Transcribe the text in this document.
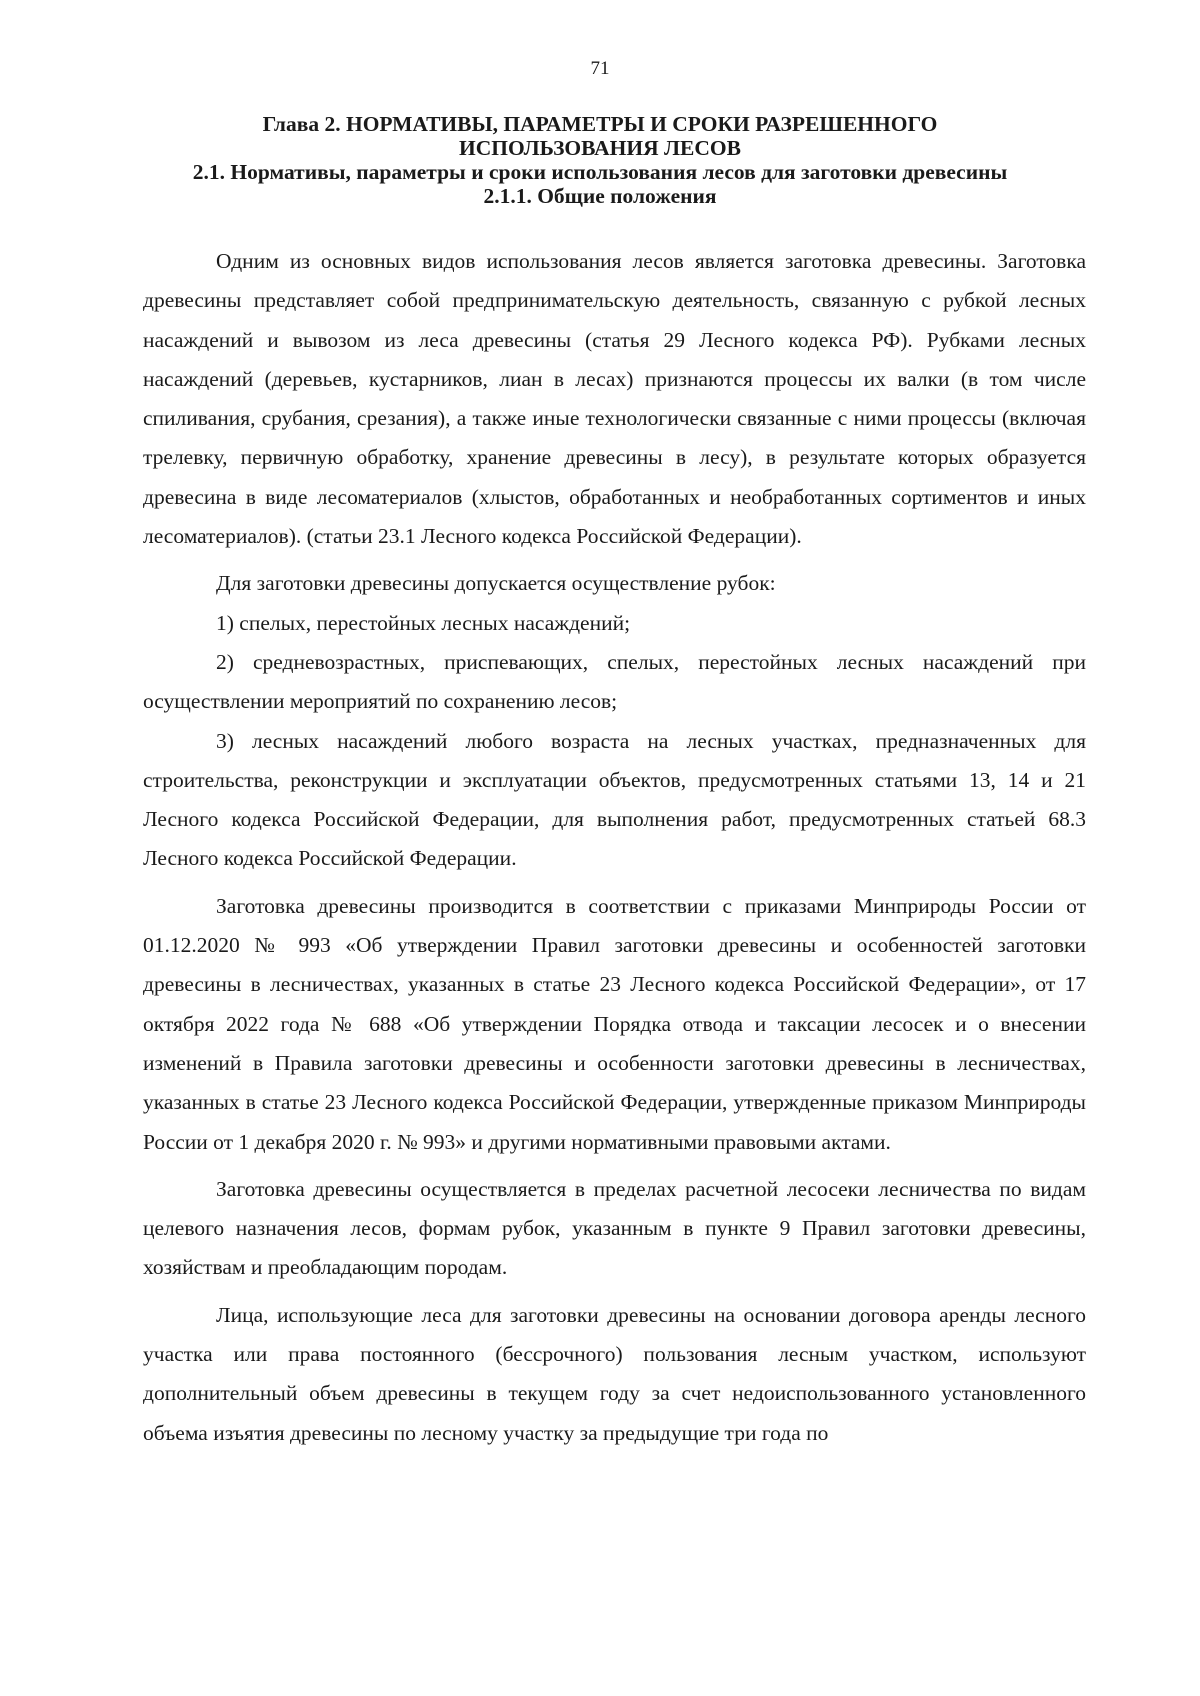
71
Глава 2. НОРМАТИВЫ, ПАРАМЕТРЫ И СРОКИ РАЗРЕШЕННОГО
ИСПОЛЬЗОВАНИЯ ЛЕСОВ
2.1. Нормативы, параметры и сроки использования лесов для заготовки древесины
2.1.1. Общие положения

Одним из основных видов использования лесов является заготовка древесины. Заготовка древесины представляет собой предпринимательскую деятельность, связанную с рубкой лесных насаждений и вывозом из леса древесины (статья 29 Лесного кодекса РФ). Рубками лесных насаждений (деревьев, кустарников, лиан в лесах) признаются процессы их валки (в том числе спиливания, срубания, срезания), а также иные технологически связанные с ними процессы (включая трелевку, первичную обработку, хранение древесины в лесу), в результате которых образуется древесина в виде лесоматериалов (хлыстов, обработанных и необработанных сортиментов и иных лесоматериалов). (статьи 23.1 Лесного кодекса Российской Федерации).

Для заготовки древесины допускается осуществление рубок:

1) спелых, перестойных лесных насаждений;

2) средневозрастных, приспевающих, спелых, перестойных лесных насаждений при осуществлении мероприятий по сохранению лесов;

3) лесных насаждений любого возраста на лесных участках, предназначенных для строительства, реконструкции и эксплуатации объектов, предусмотренных статьями 13, 14 и 21 Лесного кодекса Российской Федерации, для выполнения работ, предусмотренных статьей 68.3 Лесного кодекса Российской Федерации.

Заготовка древесины производится в соответствии с приказами Минприроды России от 01.12.2020 № 993 «Об утверждении Правил заготовки древесины и особенностей заготовки древесины в лесничествах, указанных в статье 23 Лесного кодекса Российской Федерации», от 17 октября 2022 года № 688 «Об утверждении Порядка отвода и таксации лесосек и о внесении изменений в Правила заготовки древесины и особенности заготовки древесины в лесничествах, указанных в статье 23 Лесного кодекса Российской Федерации, утвержденные приказом Минприроды России от 1 декабря 2020 г. № 993» и другими нормативными правовыми актами.

Заготовка древесины осуществляется в пределах расчетной лесосеки лесничества по видам целевого назначения лесов, формам рубок, указанным в пункте 9 Правил заготовки древесины, хозяйствам и преобладающим породам.

Лица, использующие леса для заготовки древесины на основании договора аренды лесного участка или права постоянного (бессрочного) пользования лесным участком, используют дополнительный объем древесины в текущем году за счет недоиспользованного установленного объема изъятия древесины по лесному участку за предыдущие три года по
